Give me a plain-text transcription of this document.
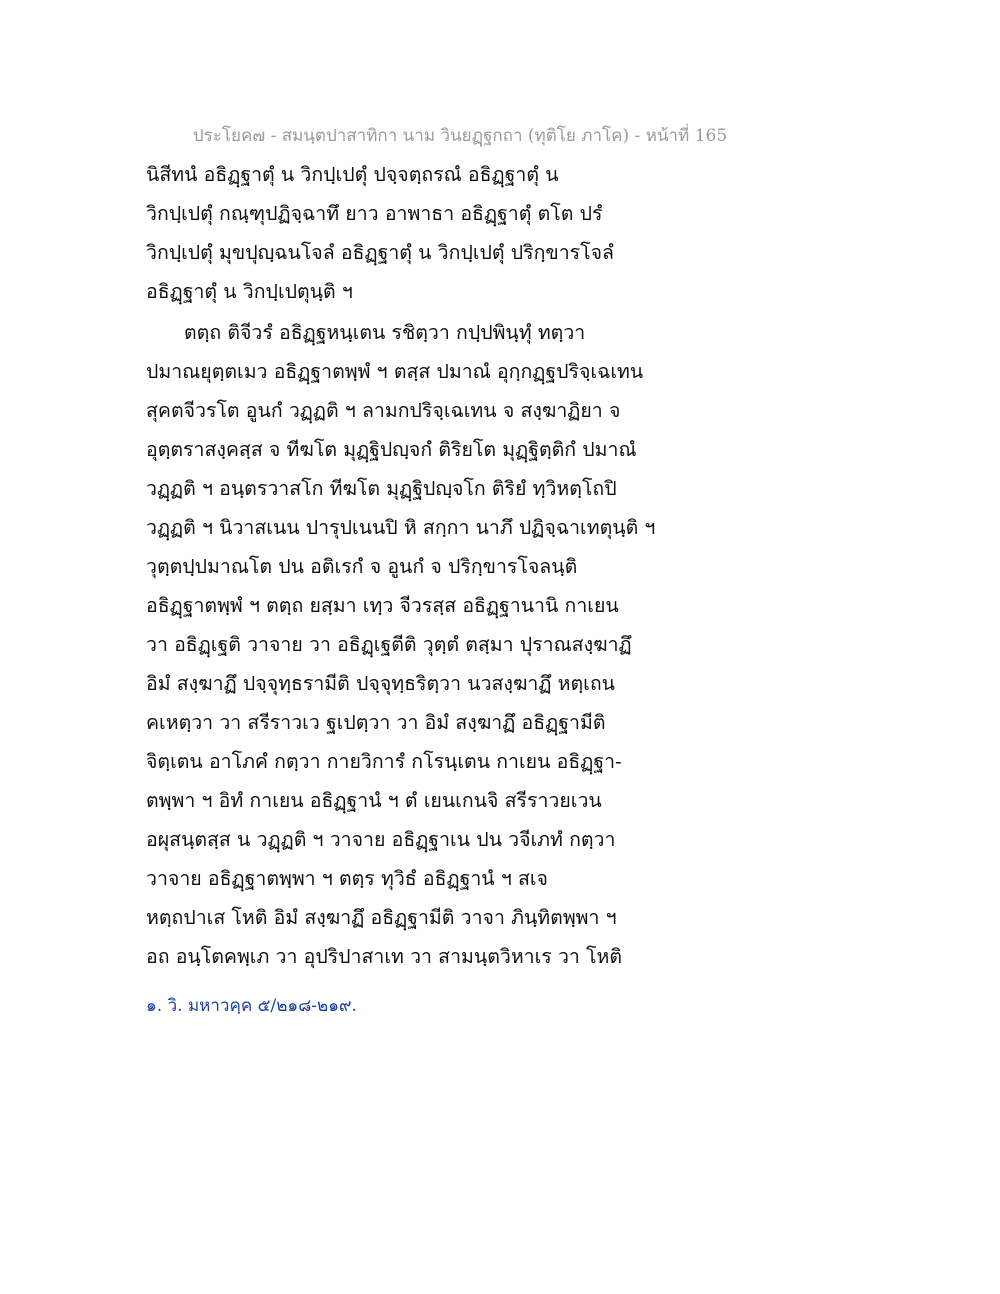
ประโยค๗ - สมนฺตปาสาทิกา นาม วินยฏฺฐกถา (ทุติโย ภาโค) - หน้าที่ 165
นิสีทนํ อธิฏฺฐาตุํ น วิกปฺเปตุํ ปจฺจตฺถรณํ อธิฏฺฐาตุํ น
วิกปฺเปตุํ กณฺฑุปฏิจฺฉาทึ ยาว อาพาธา อธิฏฺฐาตุํ ตโต ปรํ
วิกปฺเปตุํ มุขปุญฺฉนโจลํ อธิฏฺฐาตุํ น วิกปฺเปตุํ ปริกฺขารโจลํ
อธิฏฺฐาตุํ น วิกปฺเปตุนฺติ ฯ
ตตฺถ ติจีวรํ อธิฏฺฐหนฺเตน รชิตฺวา กปฺปพินฺทุํ ทตฺวา
ปมาณยุตฺตเมว อธิฏฺฐาตพฺพํ ฯ ตสฺส ปมาณํ อุกฺกฏฺฐปริจฺเฉเทน
สุคตจีวรโต อูนกํ วฏฺฏติ ฯ ลามกปริจฺเฉเทน จ สงฺฆาฏิยา จ
อุตฺตราสงฺคสฺส จ ทีฆโต มุฏฺฐิปญฺจกํ ติริยโต มุฏฺฐิตฺติกํ ปมาณํ
วฏฺฏติ ฯ อนฺตรวาสโก ทีฆโต มุฏฺฐิปญฺจโก ติริยํ ทฺวิหตฺโถปิ
วฏฺฏติ ฯ นิวาสเนน ปารุปเนนปิ หิ สกฺกา นาภึ ปฏิจฺฉาเทตุนฺติ ฯ
วุตฺตปฺปมาณโต ปน อติเรกํ จ อูนกํ จ ปริกฺขารโจลนฺติ
อธิฏฺฐาตพฺพํ ฯ ตตฺถ ยสฺมา เทฺว จีวรสฺส อธิฏฺฐานานิ กาเยน
วา อธิฏฺเฐติ วาจาย วา อธิฏฺเฐตีติ วุตฺตํ ตสฺมา ปุราณสงฺฆาฏึ
อิมํ สงฺฆาฏึ ปจฺจุทฺธรามีติ ปจฺจุทฺธริตฺวา นวสงฺฆาฏึ หตฺเถน
คเหตฺวา วา สรีราวเว ฐเปตฺวา วา อิมํ สงฺฆาฏึ อธิฏฺฐามีติ
จิตฺเตน อาโภคํ กตฺวา กายวิการํ กโรนฺเตน กาเยน อธิฏฺฐา-
ตพฺพา ฯ อิทํ กาเยน อธิฏฺฐานํ ฯ ตํ เยนเกนจิ สรีราวยเวน
อผุสนฺตสฺส น วฏฺฏติ ฯ วาจาย อธิฏฺฐาเน ปน วจีเภทํ กตฺวา
วาจาย อธิฏฺฐาตพฺพา ฯ ตตฺร ทุวิธํ อธิฏฺฐานํ ฯ สเจ
หตฺถปาเส โหติ อิมํ สงฺฆาฏึ อธิฏฺฐามีติ วาจา ภินฺทิตพฺพา ฯ
อถ อนฺโตคพฺเภ วา อุปริปาสาเท วา สามนฺตวิหาเร วา โหติ
๑. วิ. มหาวคฺค ๕/๒๑๘-๒๑๙.
